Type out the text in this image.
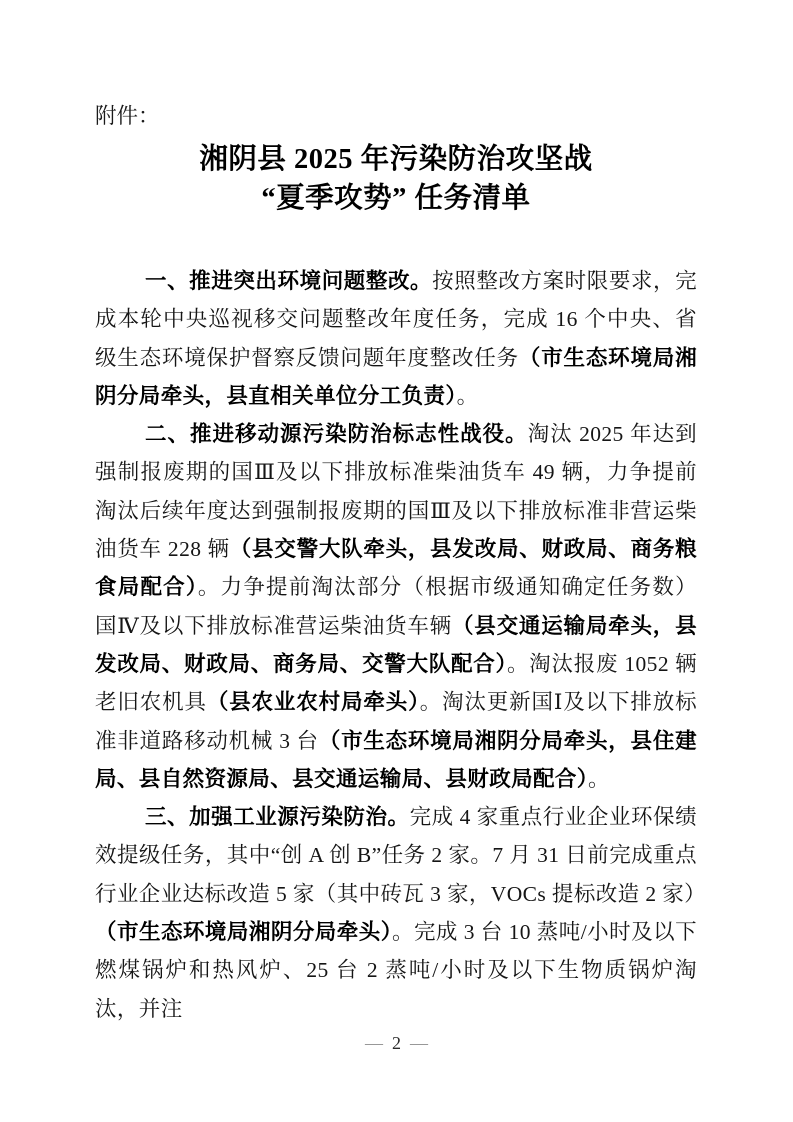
附件：
湘阴县 2025 年污染防治攻坚战
“夏季攻势” 任务清单

一、推进突出环境问题整改。按照整改方案时限要求，完成本轮中央巡视移交问题整改年度任务，完成 16 个中央、省级生态环境保护督察反馈问题年度整改任务（市生态环境局湘阴分局牵头，县直相关单位分工负责）。

二、推进移动源污染防治标志性战役。淘汰 2025 年达到强制报废期的国Ⅲ及以下排放标准柴油货车 49 辆，力争提前淘汰后续年度达到强制报废期的国Ⅲ及以下排放标准非营运柴油货车 228 辆（县交警大队牵头，县发改局、财政局、商务粮食局配合）。力争提前淘汰部分（根据市级通知确定任务数）国Ⅳ及以下排放标准营运柴油货车辆（县交通运输局牵头，县发改局、财政局、商务局、交警大队配合）。淘汰报废 1052 辆老旧农机具（县农业农村局牵头）。淘汰更新国Ⅰ及以下排放标准非道路移动机械 3 台（市生态环境局湘阴分局牵头，县住建局、县自然资源局、县交通运输局、县财政局配合）。

三、加强工业源污染防治。完成 4 家重点行业企业环保绩效提级任务，其中“创 A 创 B”任务 2 家。7 月 31 日前完成重点行业企业达标改造 5 家（其中砖瓦 3 家，VOCs 提标改造 2 家）（市生态环境局湘阴分局牵头）。完成 3 台 10 蒸吨/小时及以下燃煤锅炉和热风炉、25 台 2 蒸吨/小时及以下生物质锅炉淘汰，并注

— 2 —
